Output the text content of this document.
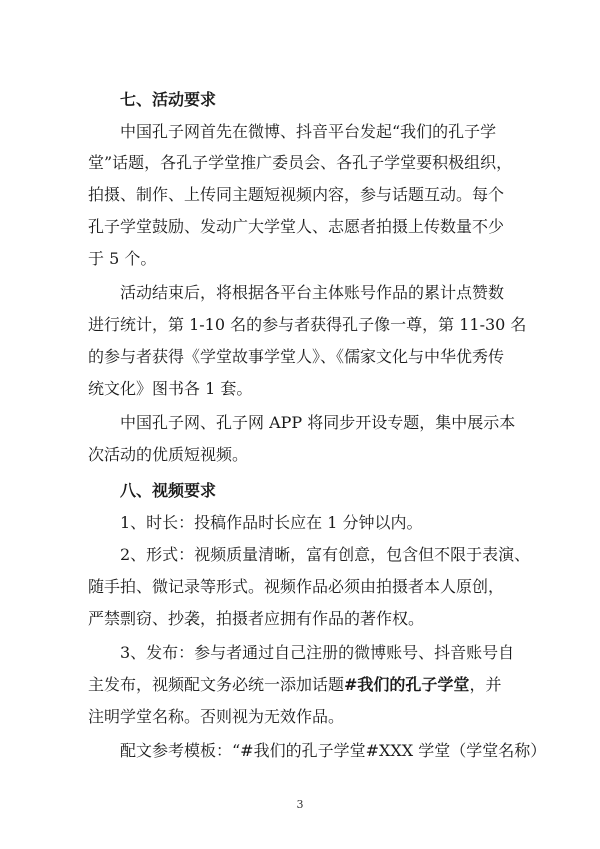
七、活动要求
中国孔子网首先在微博、抖音平台发起“我们的孔子学
堂”话题，各孔子学堂推广委员会、各孔子学堂要积极组织，
拍摄、制作、上传同主题短视频内容，参与话题互动。每个
孔子学堂鼓励、发动广大学堂人、志愿者拍摄上传数量不少
于 5 个。
活动结束后，将根据各平台主体账号作品的累计点赞数
进行统计，第 1-10 名的参与者获得孔子像一尊，第 11-30 名
的参与者获得《学堂故事学堂人》、《儒家文化与中华优秀传
统文化》图书各 1 套。
中国孔子网、孔子网 APP 将同步开设专题，集中展示本
次活动的优质短视频。
八、视频要求
1、时长：投稿作品时长应在 1 分钟以内。
2、形式：视频质量清晰，富有创意，包含但不限于表演、
随手拍、微记录等形式。视频作品必须由拍摄者本人原创，
严禁剽窃、抄袭，拍摄者应拥有作品的著作权。
3、发布：参与者通过自己注册的微博账号、抖音账号自
主发布，视频配文务必统一添加话题#我们的孔子学堂，并
注明学堂名称。否则视为无效作品。
配文参考模板：“#我们的孔子学堂#XXX 学堂（学堂名称）
3
